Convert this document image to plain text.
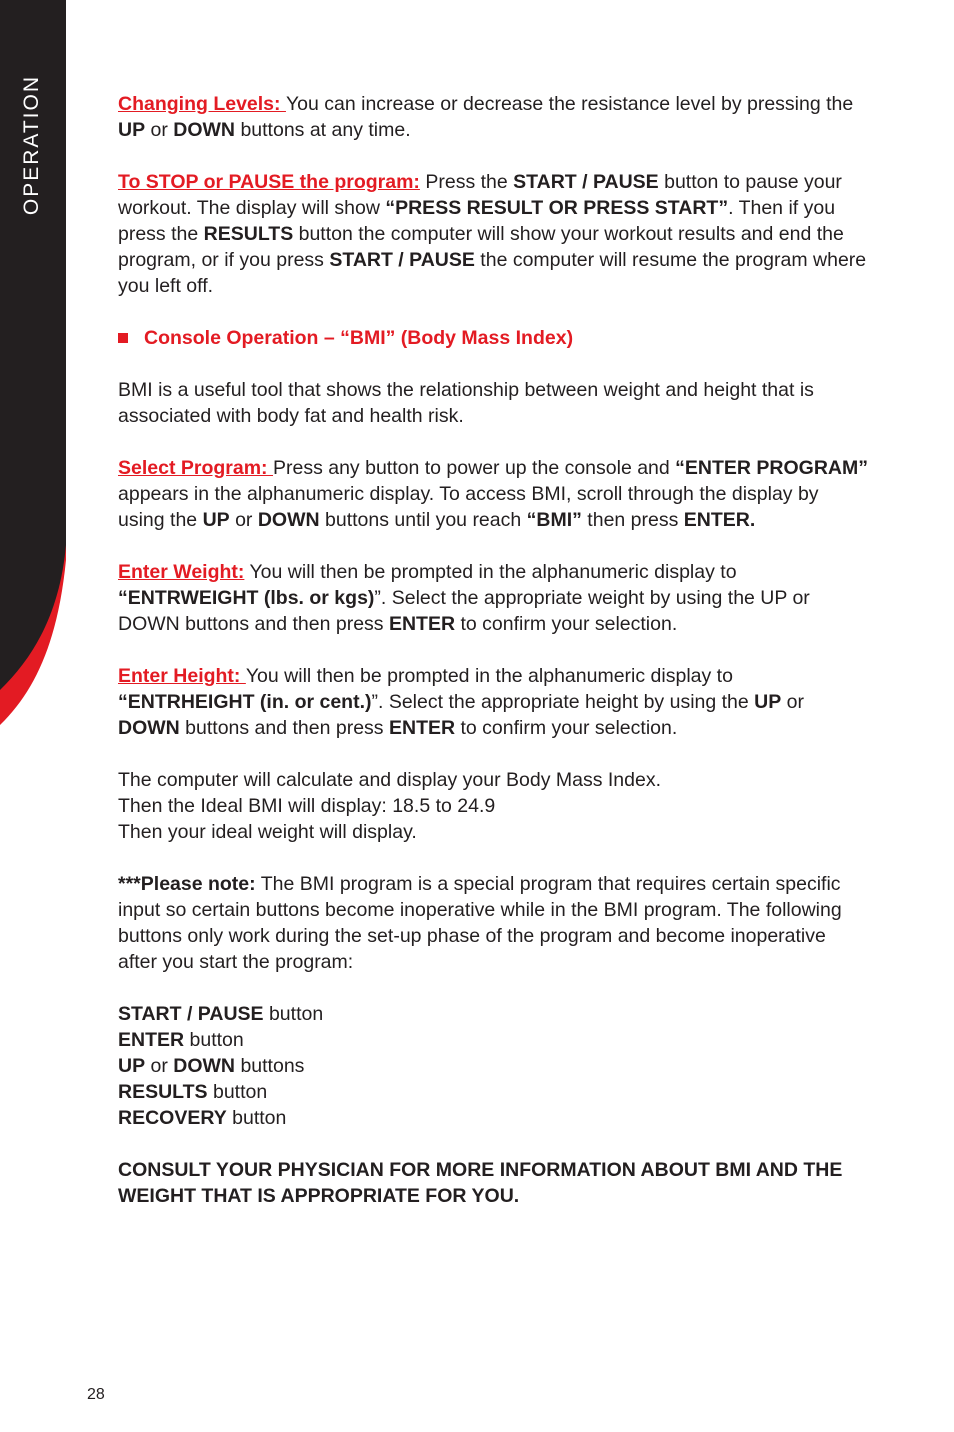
OPERATION	Changing Levels: You can increase or decrease the resistance level by pressing the UP or DOWN buttons at any time.

To STOP or PAUSE the program: Press the START / PAUSE button to pause your workout. The display will show “PRESS RESULT OR PRESS START”. Then if you press the RESULTS button the computer will show your workout results and end the program, or if you press START / PAUSE the computer will resume the program where you left off.

Console Operation – “BMI” (Body Mass Index)

BMI is a useful tool that shows the relationship between weight and height that is associated with body fat and health risk.

Select Program: Press any button to power up the console and “ENTER PROGRAM” appears in the alphanumeric display. To access BMI, scroll through the display by using the UP or DOWN buttons until you reach “BMI” then press ENTER.

Enter Weight: You will then be prompted in the alphanumeric display to “ENTRWEIGHT (lbs. or kgs)”. Select the appropriate weight by using the UP or DOWN buttons and then press ENTER to confirm your selection.

Enter Height: You will then be prompted in the alphanumeric display to “ENTRHEIGHT (in. or cent.)”. Select the appropriate height by using the UP or DOWN buttons and then press ENTER to confirm your selection.

The computer will calculate and display your Body Mass Index.
Then the Ideal BMI will display: 18.5 to 24.9
Then your ideal weight will display.

***Please note: The BMI program is a special program that requires certain specific input so certain buttons become inoperative while in the BMI program. The following buttons only work during the set-up phase of the program and become inoperative after you start the program:

START / PAUSE button
ENTER button
UP or DOWN buttons
RESULTS button
RECOVERY button

CONSULT YOUR PHYSICIAN FOR MORE INFORMATION ABOUT BMI AND THE WEIGHT THAT IS APPROPRIATE FOR YOU.

28
